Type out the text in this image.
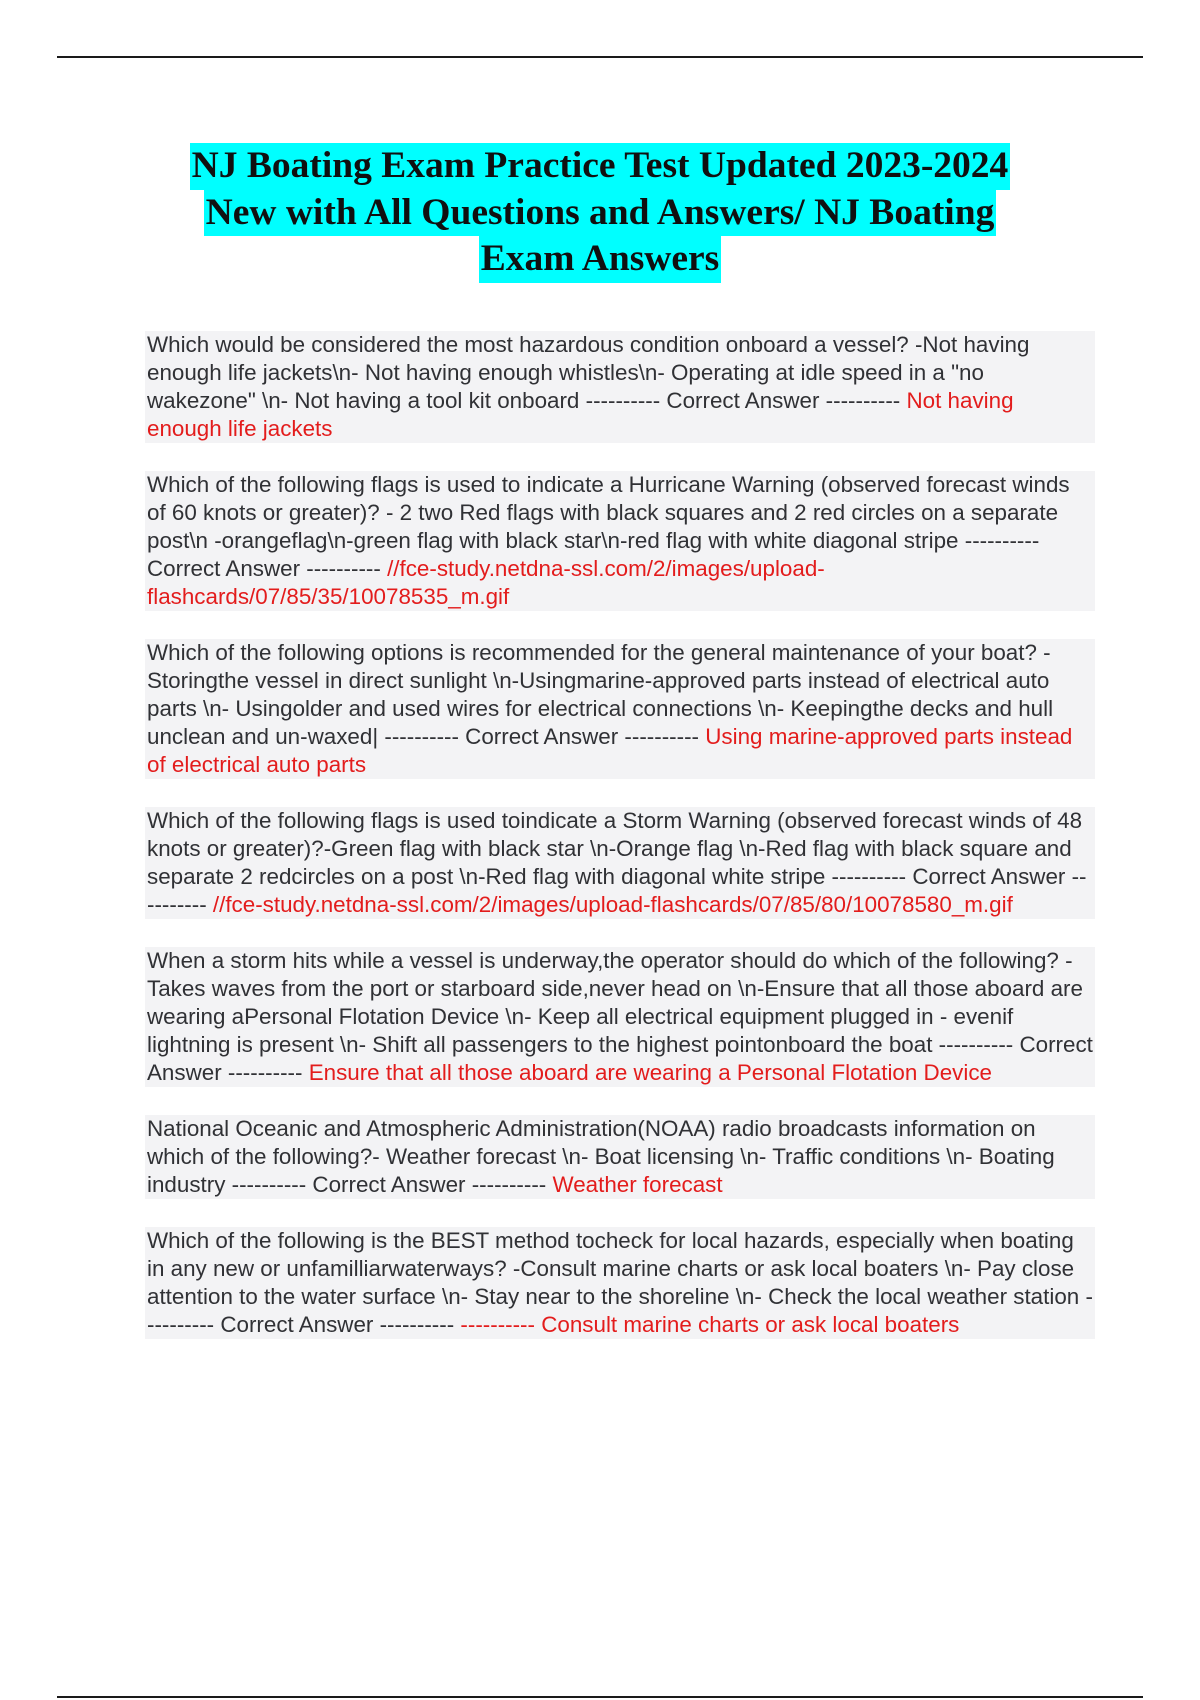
NJ Boating Exam Practice Test Updated 2023-2024
New with All Questions and Answers/ NJ Boating
Exam Answers
Which would be considered the most hazardous condition onboard a vessel? -Not having enough life jackets\n- Not having enough whistles\n- Operating at idle speed in a "no wakezone" \n- Not having a tool kit onboard ---------- Correct Answer ---------- Not having enough life jackets
Which of the following flags is used to indicate a Hurricane Warning (observed forecast winds of 60 knots or greater)? - 2 two Red flags with black squares and 2 red circles on a separate post\n -orangeflag\n-green flag with black star\n-red flag with white diagonal stripe ---------- Correct Answer ---------- //fce-study.netdna-ssl.com/2/images/upload-flashcards/07/85/35/10078535_m.gif
Which of the following options is recommended for the general maintenance of your boat? -Storingthe vessel in direct sunlight \n-Usingmarine-approved parts instead of electrical auto parts \n- Usingolder and used wires for electrical connections \n- Keepingthe decks and hull unclean and un-waxed| ---------- Correct Answer ---------- Using marine-approved parts instead of electrical auto parts
Which of the following flags is used toindicate a Storm Warning (observed forecast winds of 48 knots or greater)?-Green flag with black star \n-Orange flag \n-Red flag with black square and separate 2 redcircles on a post \n-Red flag with diagonal white stripe ---------- Correct Answer ---------- //fce-study.netdna-ssl.com/2/images/upload-flashcards/07/85/80/10078580_m.gif
When a storm hits while a vessel is underway,the operator should do which of the following? -Takes waves from the port or starboard side,never head on \n-Ensure that all those aboard are wearing aPersonal Flotation Device \n- Keep all electrical equipment plugged in - evenif lightning is present \n- Shift all passengers to the highest pointonboard the boat ---------- Correct Answer ---------- Ensure that all those aboard are wearing a Personal Flotation Device
National Oceanic and Atmospheric Administration(NOAA) radio broadcasts information on which of the following?- Weather forecast \n- Boat licensing \n- Traffic conditions \n- Boating industry ---------- Correct Answer ---------- Weather forecast
Which of the following is the BEST method tocheck for local hazards, especially when boating in any new or unfamilliarwaterways? -Consult marine charts or ask local boaters \n- Pay close attention to the water surface \n- Stay near to the shoreline \n- Check the local weather station ---------- Correct Answer ---------- ---------- Consult marine charts or ask local boaters
